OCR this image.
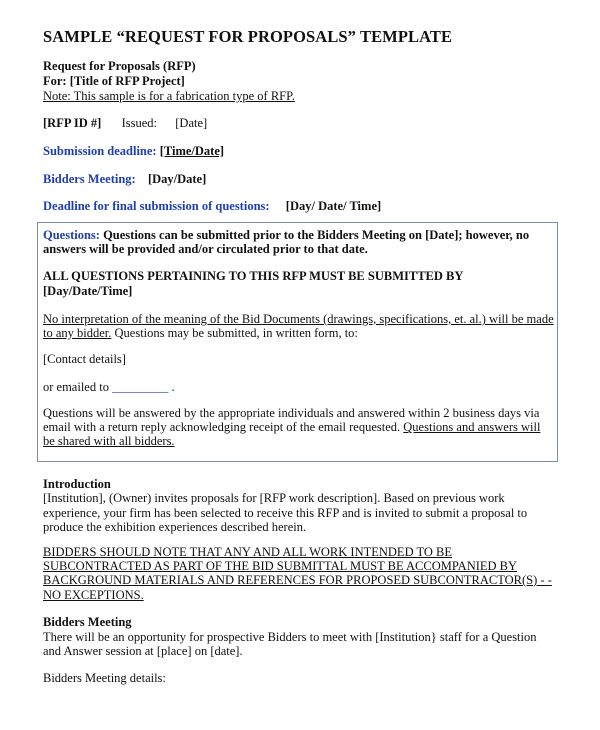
SAMPLE “REQUEST FOR PROPOSALS” TEMPLATE
Request for Proposals (RFP)
For: [Title of RFP Project]
Note: This sample is for a fabrication type of RFP.
[RFP ID #] Issued: [Date]
Submission deadline: [Time/Date]
Bidders Meeting: [Day/Date]
Deadline for final submission of questions: [Day/ Date/ Time]
Questions: Questions can be submitted prior to the Bidders Meeting on [Date]; however, no
answers will be provided and/or circulated prior to that date.
ALL QUESTIONS PERTAINING TO THIS RFP MUST BE SUBMITTED BY
[Day/Date/Time]
No interpretation of the meaning of the Bid Documents (drawings, specifications, et. al.) will be made
to any bidder. Questions may be submitted, in written form, to:
[Contact details]
or emailed to _________ .
Questions will be answered by the appropriate individuals and answered within 2 business days via
email with a return reply acknowledging receipt of the email requested. Questions and answers will
be shared with all bidders.
Introduction
[Institution], (Owner) invites proposals for [RFP work description]. Based on previous work
experience, your firm has been selected to receive this RFP and is invited to submit a proposal to
produce the exhibition experiences described herein.
BIDDERS SHOULD NOTE THAT ANY AND ALL WORK INTENDED TO BE
SUBCONTRACTED AS PART OF THE BID SUBMITTAL MUST BE ACCOMPANIED BY
BACKGROUND MATERIALS AND REFERENCES FOR PROPOSED SUBCONTRACTOR(S) - -
NO EXCEPTIONS.
Bidders Meeting
There will be an opportunity for prospective Bidders to meet with [Institution} staff for a Question
and Answer session at [place] on [date].
Bidders Meeting details:
